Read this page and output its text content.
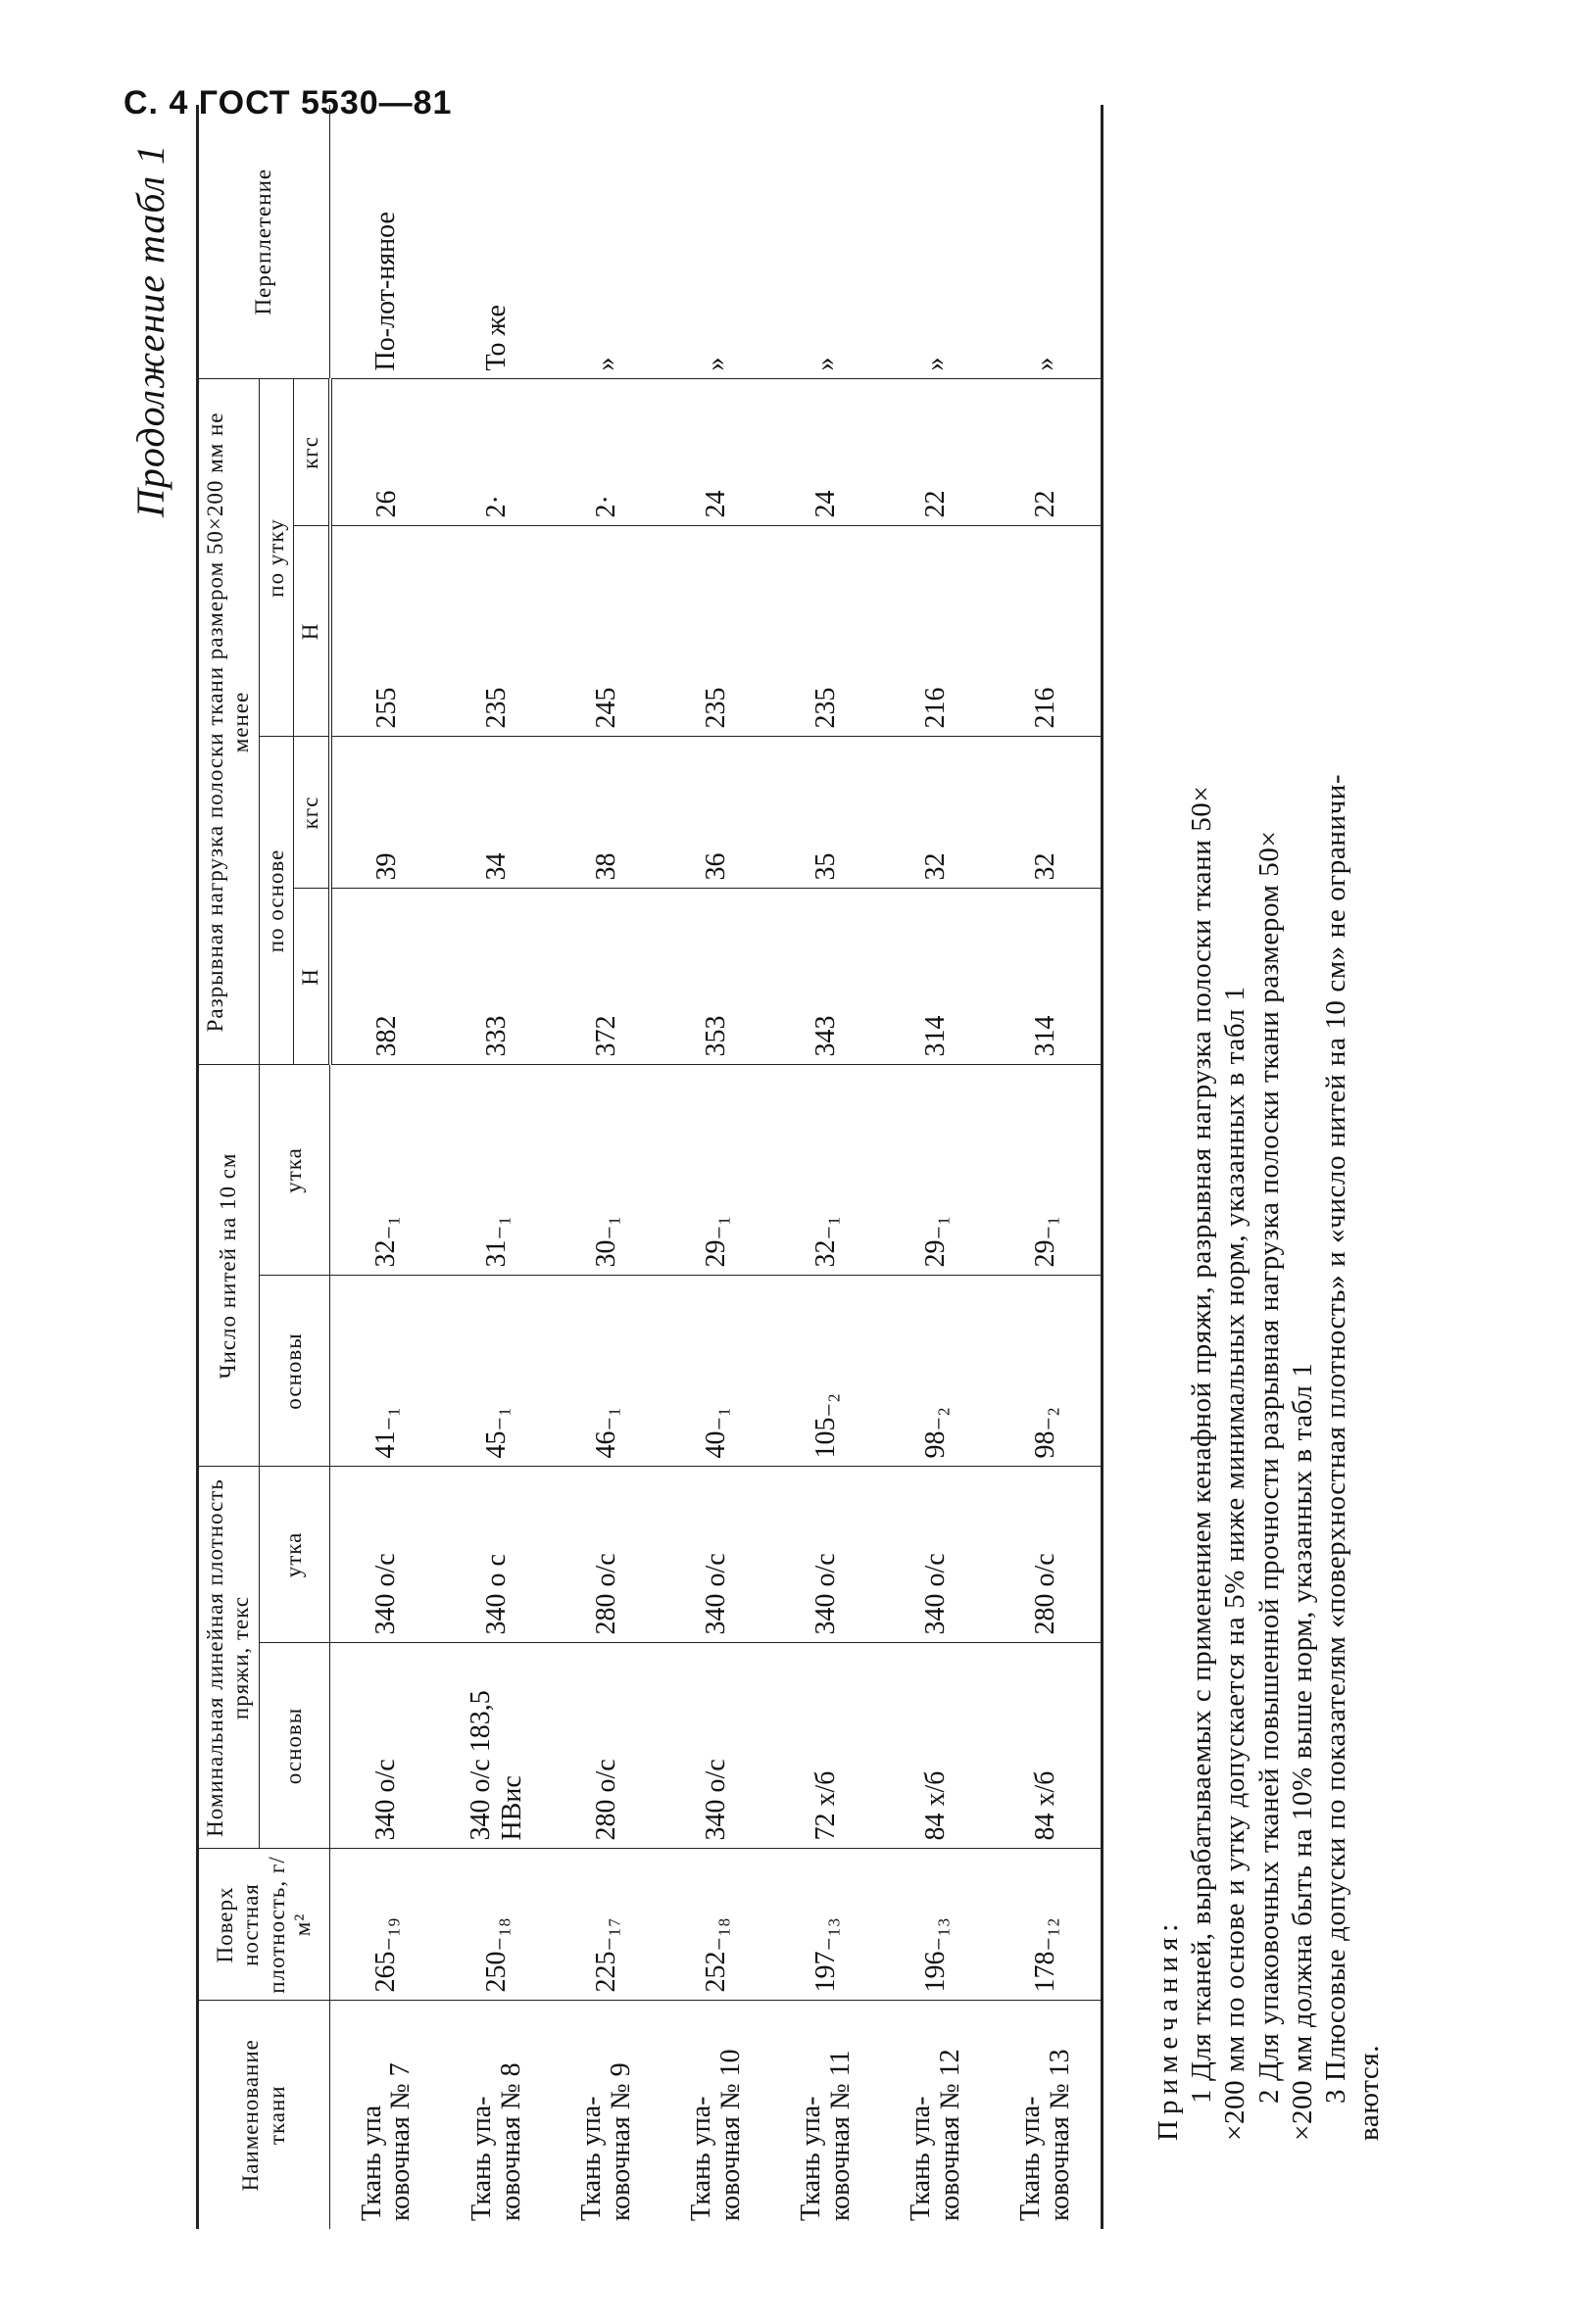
С. 4 ГОСТ 5530—81
Продолжение табл 1
Наименование ткани	Поверх ностная плотность, г/м²	Номинальная линейная плотность пряжи, текс		Число нитей на 10 см		Разрывная нагрузка полоски ткани размером 50×200 мм не менее				Переплетение
		основы	утка	основы	утка	по основе		по утку		
						Н	кгс	Н	кгс	
Ткань упа ковочная № 7	265₋₁₉	340 о/с	340 о/с	41₋₁	32₋₁	382	39	255	26	По-лот-няное
Ткань упа-ковочная № 8	250₋₁₈	340 о/с 183,5 НВис	340 о с	45₋₁	31₋₁	333	34	235	2·	То же
Ткань упа-ковочная № 9	225₋₁₇	280 о/с	280 о/с	46₋₁	30₋₁	372	38	245	2·	»
Ткань упа-ковочная № 10	252₋₁₈	340 о/с	340 о/с	40₋₁	29₋₁	353	36	235	24	»
Ткань упа-ковочная № 11	197₋₁₃	72 х/б	340 о/с	105₋₂	32₋₁	343	35	235	24	»
Ткань упа-ковочная № 12	196₋₁₃	84 х/б	340 о/с	98₋₂	29₋₁	314	32	216	22	»
Ткань упа-ковочная № 13	178₋₁₂	84 х/б	280 о/с	98₋₂	29₋₁	314	32	216	22	»

Примечания: 1 Для тканей, вырабатываемых с применением кенафной пряжи, разрывная нагрузка полоски ткани 50× ×200 мм по основе и утку допускается на 5% ниже минимальных норм, указанных в табл 1 2 Для упаковочных тканей повышенной прочности разрывная нагрузка полоски ткани размером 50× ×200 мм должна быть на 10% выше норм, указанных в табл 1 3 Плюсовые допуски по показателям «поверхностная плотность» и «число нитей на 10 см» не ограничи- ваются.
